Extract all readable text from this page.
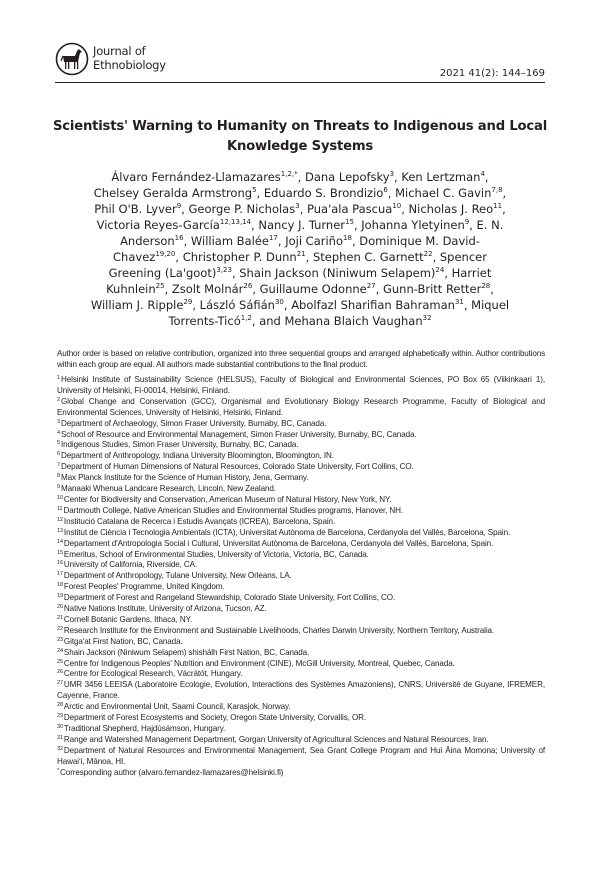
Journal of
Ethnobiology
2021 41(2): 144–169
Scientists' Warning to Humanity on Threats to Indigenous and Local Knowledge Systems
Álvaro Fernández-Llamazares$^{1,2,*}$, Dana Lepofsky$^3$, Ken Lertzman$^4$, Chelsey Geralda Armstrong$^5$, Eduardo S. Brondizio$^6$, Michael C. Gavin$^{7,8}$, Phil O'B. Lyver$^9$, George P. Nicholas$^3$, Pua'ala Pascua$^{10}$, Nicholas J. Reo$^{11}$, Victoria Reyes-García$^{12,13,14}$, Nancy J. Turner$^{15}$, Johanna Yletyinen$^9$, E. N. Anderson$^{16}$, William Balée$^{17}$, Joji Cariño$^{18}$, Dominique M. David-Chavez$^{19,20}$, Christopher P. Dunn$^{21}$, Stephen C. Garnett$^{22}$, Spencer Greening (La'goot)$^{3,23}$, Shain Jackson (Niniwum Selapem)$^{24}$, Harriet Kuhnlein$^{25}$, Zsolt Molnár$^{26}$, Guillaume Odonne$^{27}$, Gunn-Britt Retter$^{28}$, William J. Ripple$^{29}$, László Sáfián$^{30}$, Abolfazl Sharifian Bahraman$^{31}$, Miquel Torrents-Ticó$^{1,2}$, and Mehana Blaich Vaughan$^{32}$
Author order is based on relative contribution, organized into three sequential groups and arranged alphabetically within. Author contributions within each group are equal. All authors made substantial contributions to the final product.
$^1$Helsinki Institute of Sustainability Science (HELSUS), Faculty of Biological and Environmental Sciences, PO Box 65 (Viikinkaari 1), University of Helsinki, FI-00014, Helsinki, Finland.
$^2$Global Change and Conservation (GCC), Organismal and Evolutionary Biology Research Programme, Faculty of Biological and Environmental Sciences, University of Helsinki, Helsinki, Finland.
$^3$Department of Archaeology, Simon Fraser University, Burnaby, BC, Canada.
$^4$School of Resource and Environmental Management, Simon Fraser University, Burnaby, BC, Canada.
$^5$Indigenous Studies, Simon Fraser University, Burnaby, BC, Canada.
$^6$Department of Anthropology, Indiana University Bloomington, Bloomington, IN.
$^7$Department of Human Dimensions of Natural Resources, Colorado State University, Fort Collins, CO.
$^8$Max Planck Institute for the Science of Human History, Jena, Germany.
$^9$Manaaki Whenua Landcare Research, Lincoln, New Zealand.
$^{10}$Center for Biodiversity and Conservation, American Museum of Natural History, New York, NY.
$^{11}$Dartmouth College, Native American Studies and Environmental Studies programs, Hanover, NH.
$^{12}$Institució Catalana de Recerca i Estudis Avançats (ICREA), Barcelona, Spain.
$^{13}$Institut de Ciència i Tecnologia Ambientals (ICTA), Universitat Autònoma de Barcelona, Cerdanyola del Vallès, Barcelona, Spain.
$^{14}$Departament d'Antropologia Social i Cultural, Universitat Autònoma de Barcelona, Cerdanyola del Vallès, Barcelona, Spain.
$^{15}$Emeritus, School of Environmental Studies, University of Victoria, Victoria, BC, Canada.
$^{16}$University of California, Riverside, CA.
$^{17}$Department of Anthropology, Tulane University, New Orleans, LA.
$^{18}$Forest Peoples' Programme, United Kingdom.
$^{19}$Department of Forest and Rangeland Stewardship, Colorado State University, Fort Collins, CO.
$^{20}$Native Nations Institute, University of Arizona, Tucson, AZ.
$^{21}$Cornell Botanic Gardens, Ithaca, NY.
$^{22}$Research Institute for the Environment and Sustainable Livelihoods, Charles Darwin University, Northern Territory, Australia.
$^{23}$Gitga'at First Nation, BC, Canada.
$^{24}$Shain Jackson (Niniwum Selapem) shishálh First Nation, BC, Canada.
$^{25}$Centre for Indigenous Peoples' Nutrition and Environment (CINE), McGill University, Montreal, Quebec, Canada.
$^{26}$Centre for Ecological Research, Vácrátót, Hungary.
$^{27}$UMR 3456 LEEISA (Laboratoire Ecologie, Evolution, Interactions des Systèmes Amazoniens), CNRS, Université de Guyane, IFREMER, Cayenne, France.
$^{28}$Arctic and Environmental Unit, Saami Council, Karasjok, Norway.
$^{29}$Department of Forest Ecosystems and Society, Oregon State University, Corvallis, OR.
$^{30}$Traditional Shepherd, Hajdúsámson, Hungary.
$^{31}$Range and Watershed Management Department, Gorgan University of Agricultural Sciences and Natural Resources, Iran.
$^{32}$Department of Natural Resources and Environmental Management, Sea Grant College Program and Hui Āina Momona; University of Hawaiʻi, Mānoa, HI.
*Corresponding author (alvaro.fernandez-llamazares@helsinki.fi)
